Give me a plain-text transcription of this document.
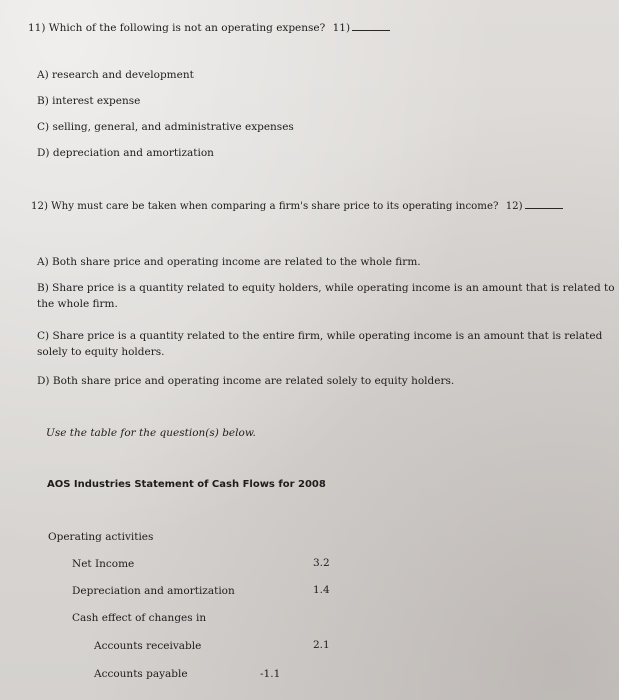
11) Which of the following is not an operating expense? 11)
A) research and development
B) interest expense
C) selling, general, and administrative expenses
D) depreciation and amortization
12) Why must care be taken when comparing a firm's share price to its operating income? 12)
A) Both share price and operating income are related to the whole firm.
B) Share price is a quantity related to equity holders, while operating income is an amount that is related to the whole firm.
C) Share price is a quantity related to the entire firm, while operating income is an amount that is related solely to equity holders.
D) Both share price and operating income are related solely to equity holders.
Use the table for the question(s) below.
AOS Industries Statement of Cash Flows for 2008
Operating activities
Net Income	3.2
Depreciation and amortization	1.4
Cash effect of changes in
Accounts receivable	2.1
Accounts payable	-1.1
